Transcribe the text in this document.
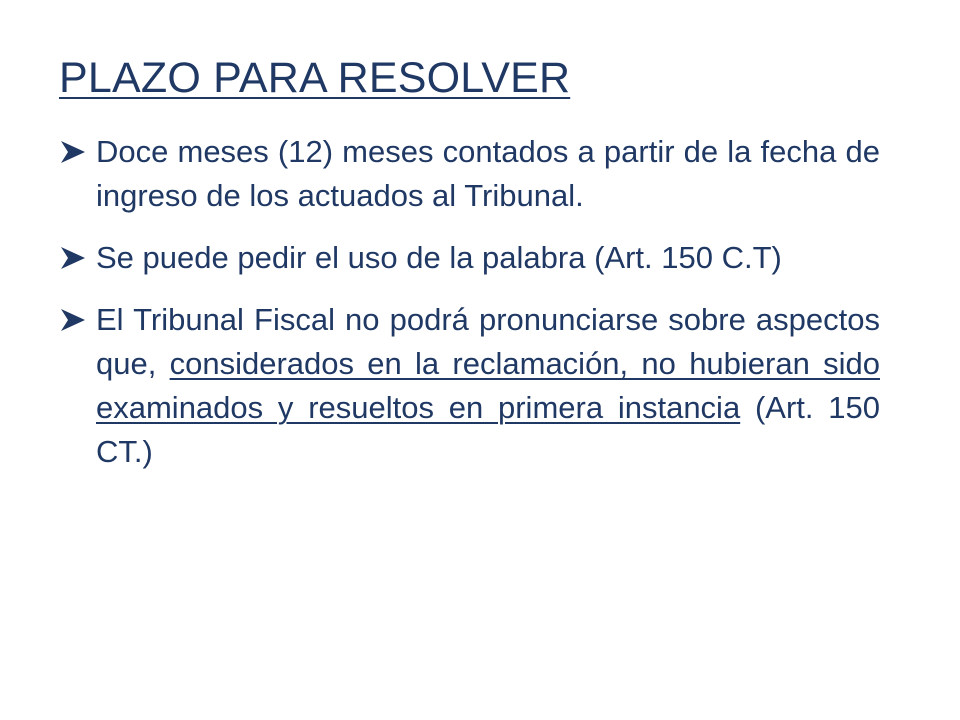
PLAZO PARA RESOLVER
Doce meses (12) meses contados a partir de la fecha de ingreso de los actuados al Tribunal.
Se puede pedir el uso de la palabra (Art. 150 C.T)
El Tribunal Fiscal no podrá pronunciarse sobre aspectos que, considerados en la reclamación, no hubieran sido examinados y resueltos en primera instancia (Art. 150 CT.)
